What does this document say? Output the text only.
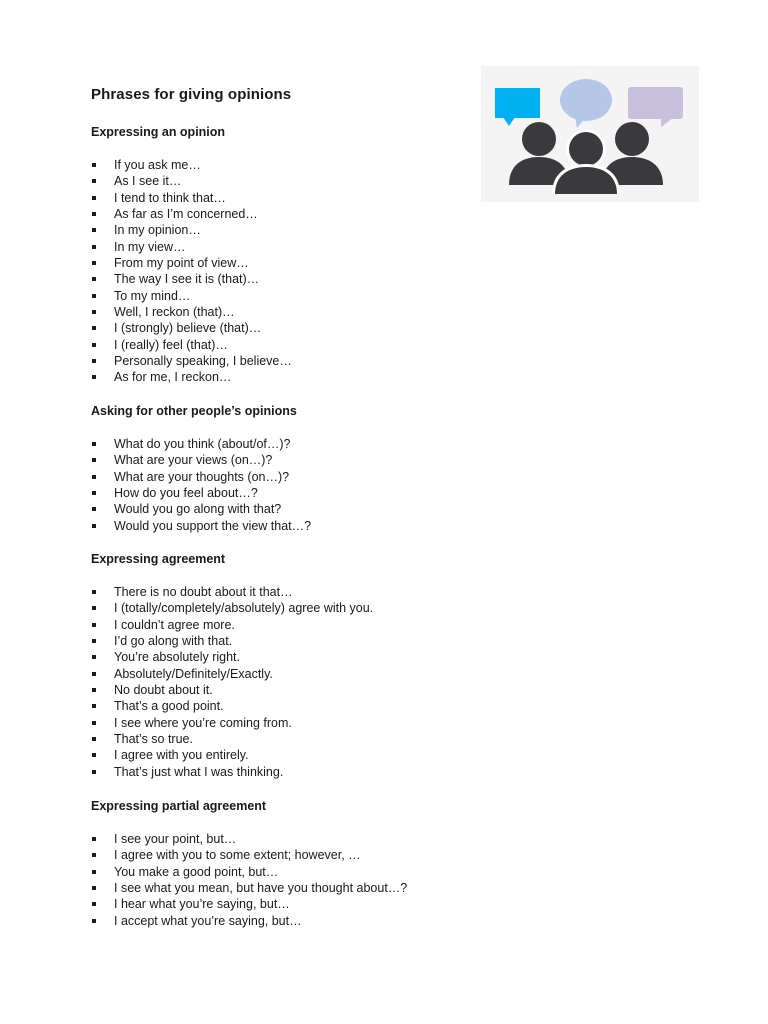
Phrases for giving opinions
Expressing an opinion
If you ask me…
As I see it…
I tend to think that…
As far as I’m concerned…
In my opinion…
In my view…
From my point of view…
The way I see it is (that)…
To my mind…
Well, I reckon (that)…
I (strongly) believe (that)…
I (really) feel (that)…
Personally speaking, I believe…
As for me, I reckon…
Asking for other people’s opinions
What do you think (about/of…)?
What are your views (on…)?
What are your thoughts (on…)?
How do you feel about…?
Would you go along with that?
Would you support the view that…?
Expressing agreement
There is no doubt about it that…
I (totally/completely/absolutely) agree with you.
I couldn’t agree more.
I’d go along with that.
You’re absolutely right.
Absolutely/Definitely/Exactly.
No doubt about it.
That’s a good point.
I see where you’re coming from.
That’s so true.
I agree with you entirely.
That’s just what I was thinking.
Expressing partial agreement
I see your point, but…
I agree with you to some extent; however, …
You make a good point, but…
I see what you mean, but have you thought about…?
I hear what you’re saying, but…
I accept what you’re saying, but…
